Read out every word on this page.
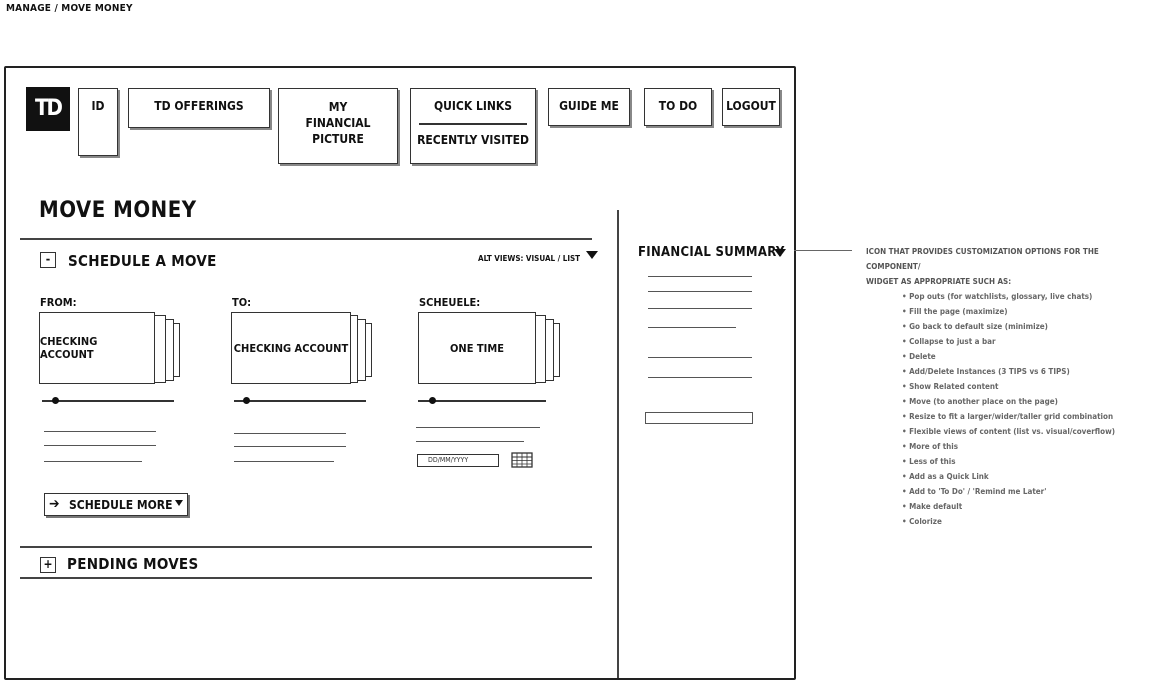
MANAGE / MOVE MONEY
TD	ID	TD OFFERINGS	MY
FINANCIAL
PICTURE
QUICK LINKS
RECENTLY VISITED
GUIDE ME	TO DO	LOGOUT
MOVE MONEY
-	SCHEDULE A MOVE	ALT VIEWS: VISUAL / LIST
FROM:	TO:	SCHEUELE:
CHECKING ACCOUNT	CHECKING ACCOUNT	ONE TIME
DD/MM/YYYY
➔ SCHEDULE MORE
+ PENDING MOVES
FINANCIAL SUMMARY	ICON THAT PROVIDES CUSTOMIZATION OPTIONS FOR THE COMPONENT/
WIDGET AS APPROPRIATE SUCH AS:
• Pop outs (for watchlists, glossary, live chats)
• Fill the page (maximize)
• Go back to default size (minimize)
• Collapse to just a bar
• Delete
• Add/Delete Instances (3 TIPS vs 6 TIPS)
• Show Related content
• Move (to another place on the page)
• Resize to fit a larger/wider/taller grid combination
• Flexible views of content (list vs. visual/coverflow)
• More of this
• Less of this
• Add as a Quick Link
• Add to 'To Do' / 'Remind me Later'
• Make default
• Colorize
